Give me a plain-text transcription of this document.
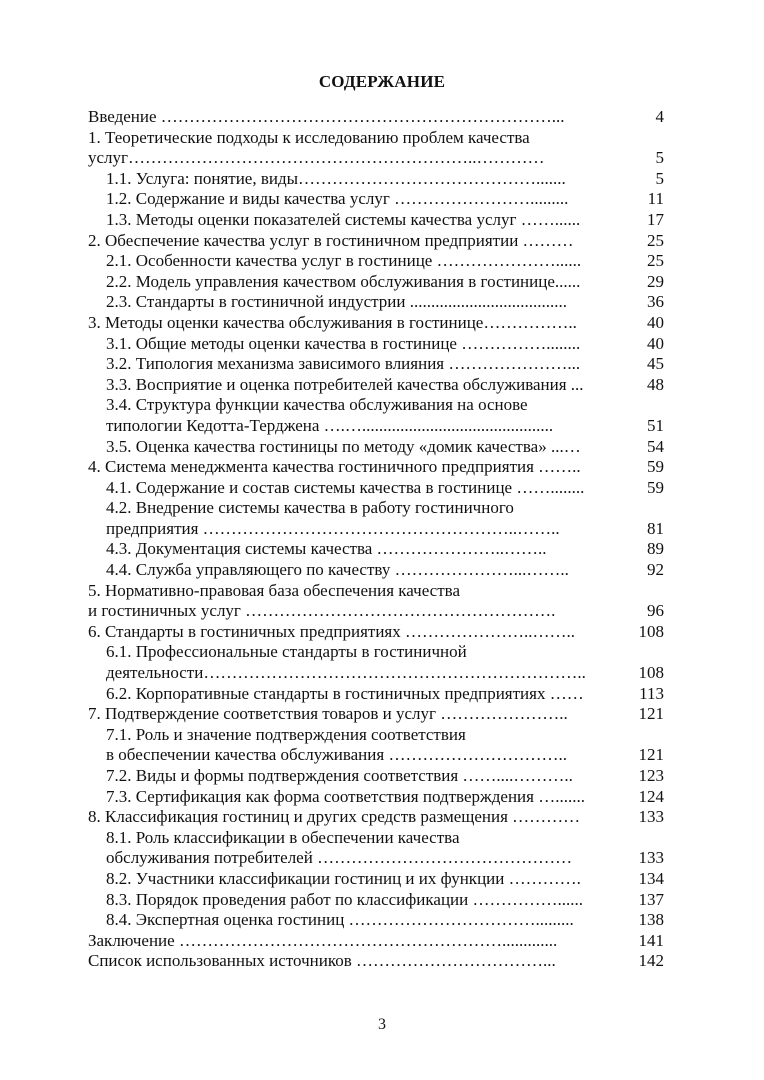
СОДЕРЖАНИЕ
Введение ……………………………………………………………...	4
1. Теоретические подходы к исследованию проблем качества	
услуг……………………………………………………..…………	5
1.1. Услуга: понятие, виды…………………………………….......	5
1.2. Содержание и виды качества услуг …………………….........	11
1.3. Методы оценки показателей системы качества услуг ……......	17
2. Обеспечение качества услуг в гостиничном предприятии ………	25
2.1. Особенности качества услуг в гостинице …………………......	25
2.2. Модель управления качеством обслуживания в гостинице......	29
2.3. Стандарты в гостиничной индустрии .....................................	36
3. Методы оценки качества обслуживания в гостинице……………..	40
3.1. Общие методы оценки качества в гостинице ……………........	40
3.2. Типология механизма зависимого влияния …………………...	45
3.3. Восприятие и оценка потребителей качества обслуживания ...	48
3.4. Структура функции качества обслуживания на основе	
типологии Кедотта-Терджена ….….............................................	51
3.5. Оценка качества гостиницы по методу «домик качества» ...…	54
4. Система менеджмента качества гостиничного предприятия ……..	59
4.1. Содержание и состав системы качества в гостинице ……........	59
4.2. Внедрение системы качества в работу гостиничного	
предприятия ………………………………………………..……..	81
4.3. Документация системы качества …………………..……..	89
4.4. Служба управляющего по качеству …………………...……..	92
5. Нормативно-правовая база обеспечения качества	
и гостиничных услуг ……………………………………………….	96
6. Стандарты в гостиничных предприятиях …………………..……..	108
6.1. Профессиональные стандарты в гостиничной	
деятельности…………………………………………………………..	108
6.2. Корпоративные стандарты в гостиничных предприятиях ……	113
7. Подтверждение соответствия товаров и услуг …………………..	121
7.1. Роль и значение подтверждения соответствия	
в обеспечении качества обслуживания …………………………..	121
7.2. Виды и формы подтверждения соответствия ……....………..	123
7.3. Сертификация как форма соответствия подтверждения ….......	124
8. Классификация гостиниц и других средств размещения …………	133
8.1. Роль классификации в обеспечении качества	
обслуживания потребителей ………………………………………	133
8.2. Участники классификации гостиниц и их функции ………….	134
8.3. Порядок проведения работ по классификации ……………......	137
8.4. Экспертная оценка гостиниц …………………………….........	138
Заключение ………………………………………………….............	141
Список использованных источников ……………………………...	142
3
